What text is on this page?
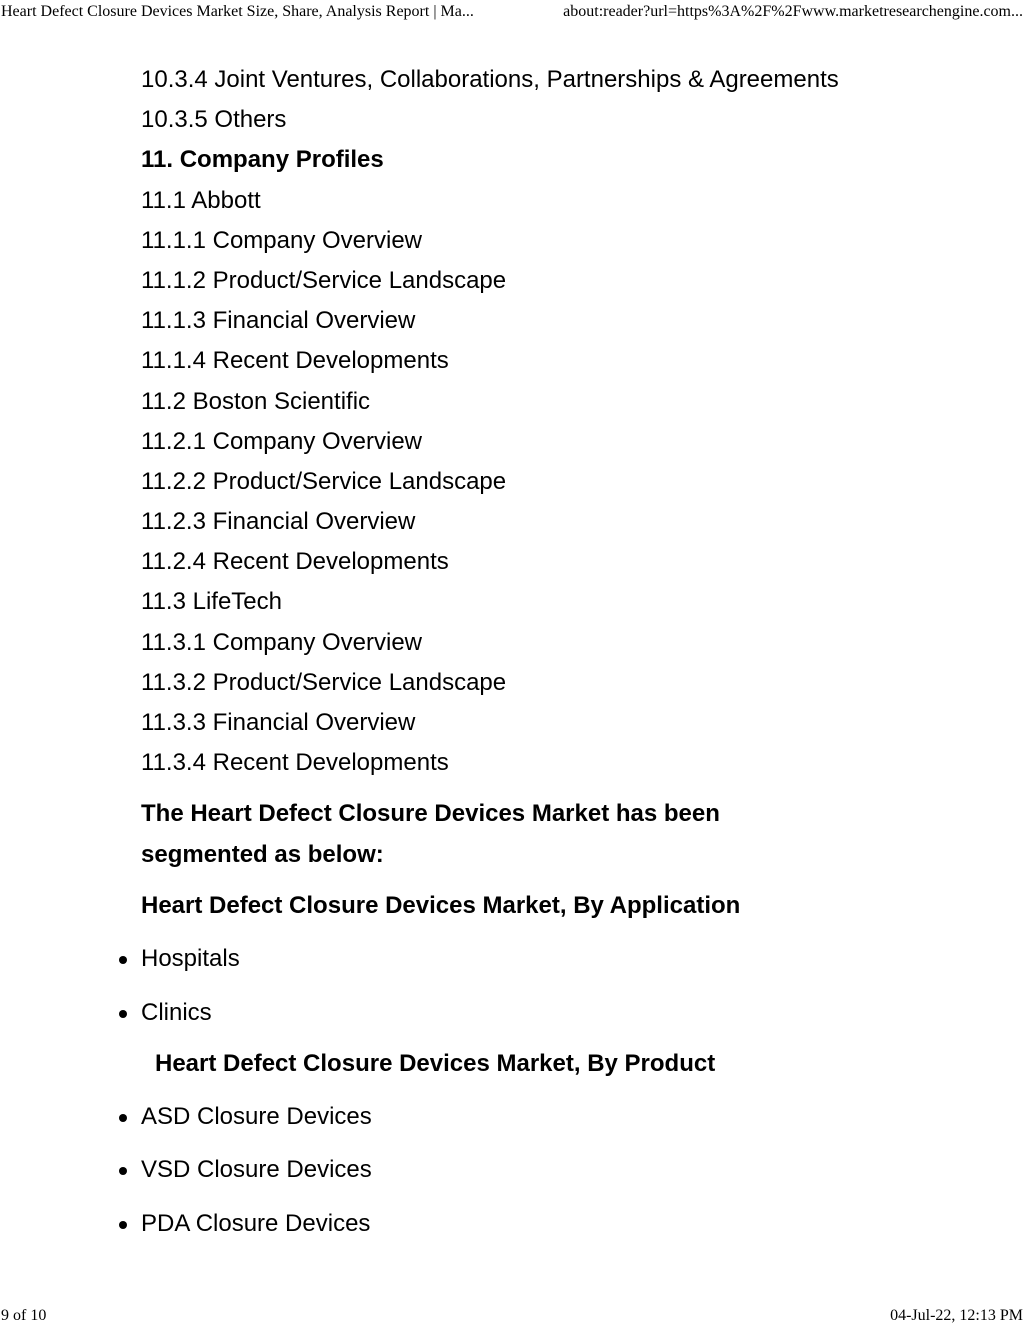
Heart Defect Closure Devices Market Size, Share, Analysis Report | Ma...	about:reader?url=https%3A%2F%2Fwww.marketresearchengine.com...
10.3.4 Joint Ventures, Collaborations, Partnerships & Agreements
10.3.5 Others
11. Company Profiles
11.1 Abbott
11.1.1 Company Overview
11.1.2 Product/Service Landscape
11.1.3 Financial Overview
11.1.4 Recent Developments
11.2 Boston Scientific
11.2.1 Company Overview
11.2.2 Product/Service Landscape
11.2.3 Financial Overview
11.2.4 Recent Developments
11.3 LifeTech
11.3.1 Company Overview
11.3.2 Product/Service Landscape
11.3.3 Financial Overview
11.3.4 Recent Developments
The Heart Defect Closure Devices Market has been segmented as below:
Heart Defect Closure Devices Market, By Application
Hospitals
Clinics
Heart Defect Closure Devices Market, By Product
ASD Closure Devices
VSD Closure Devices
PDA Closure Devices
9 of 10	04-Jul-22, 12:13 PM
